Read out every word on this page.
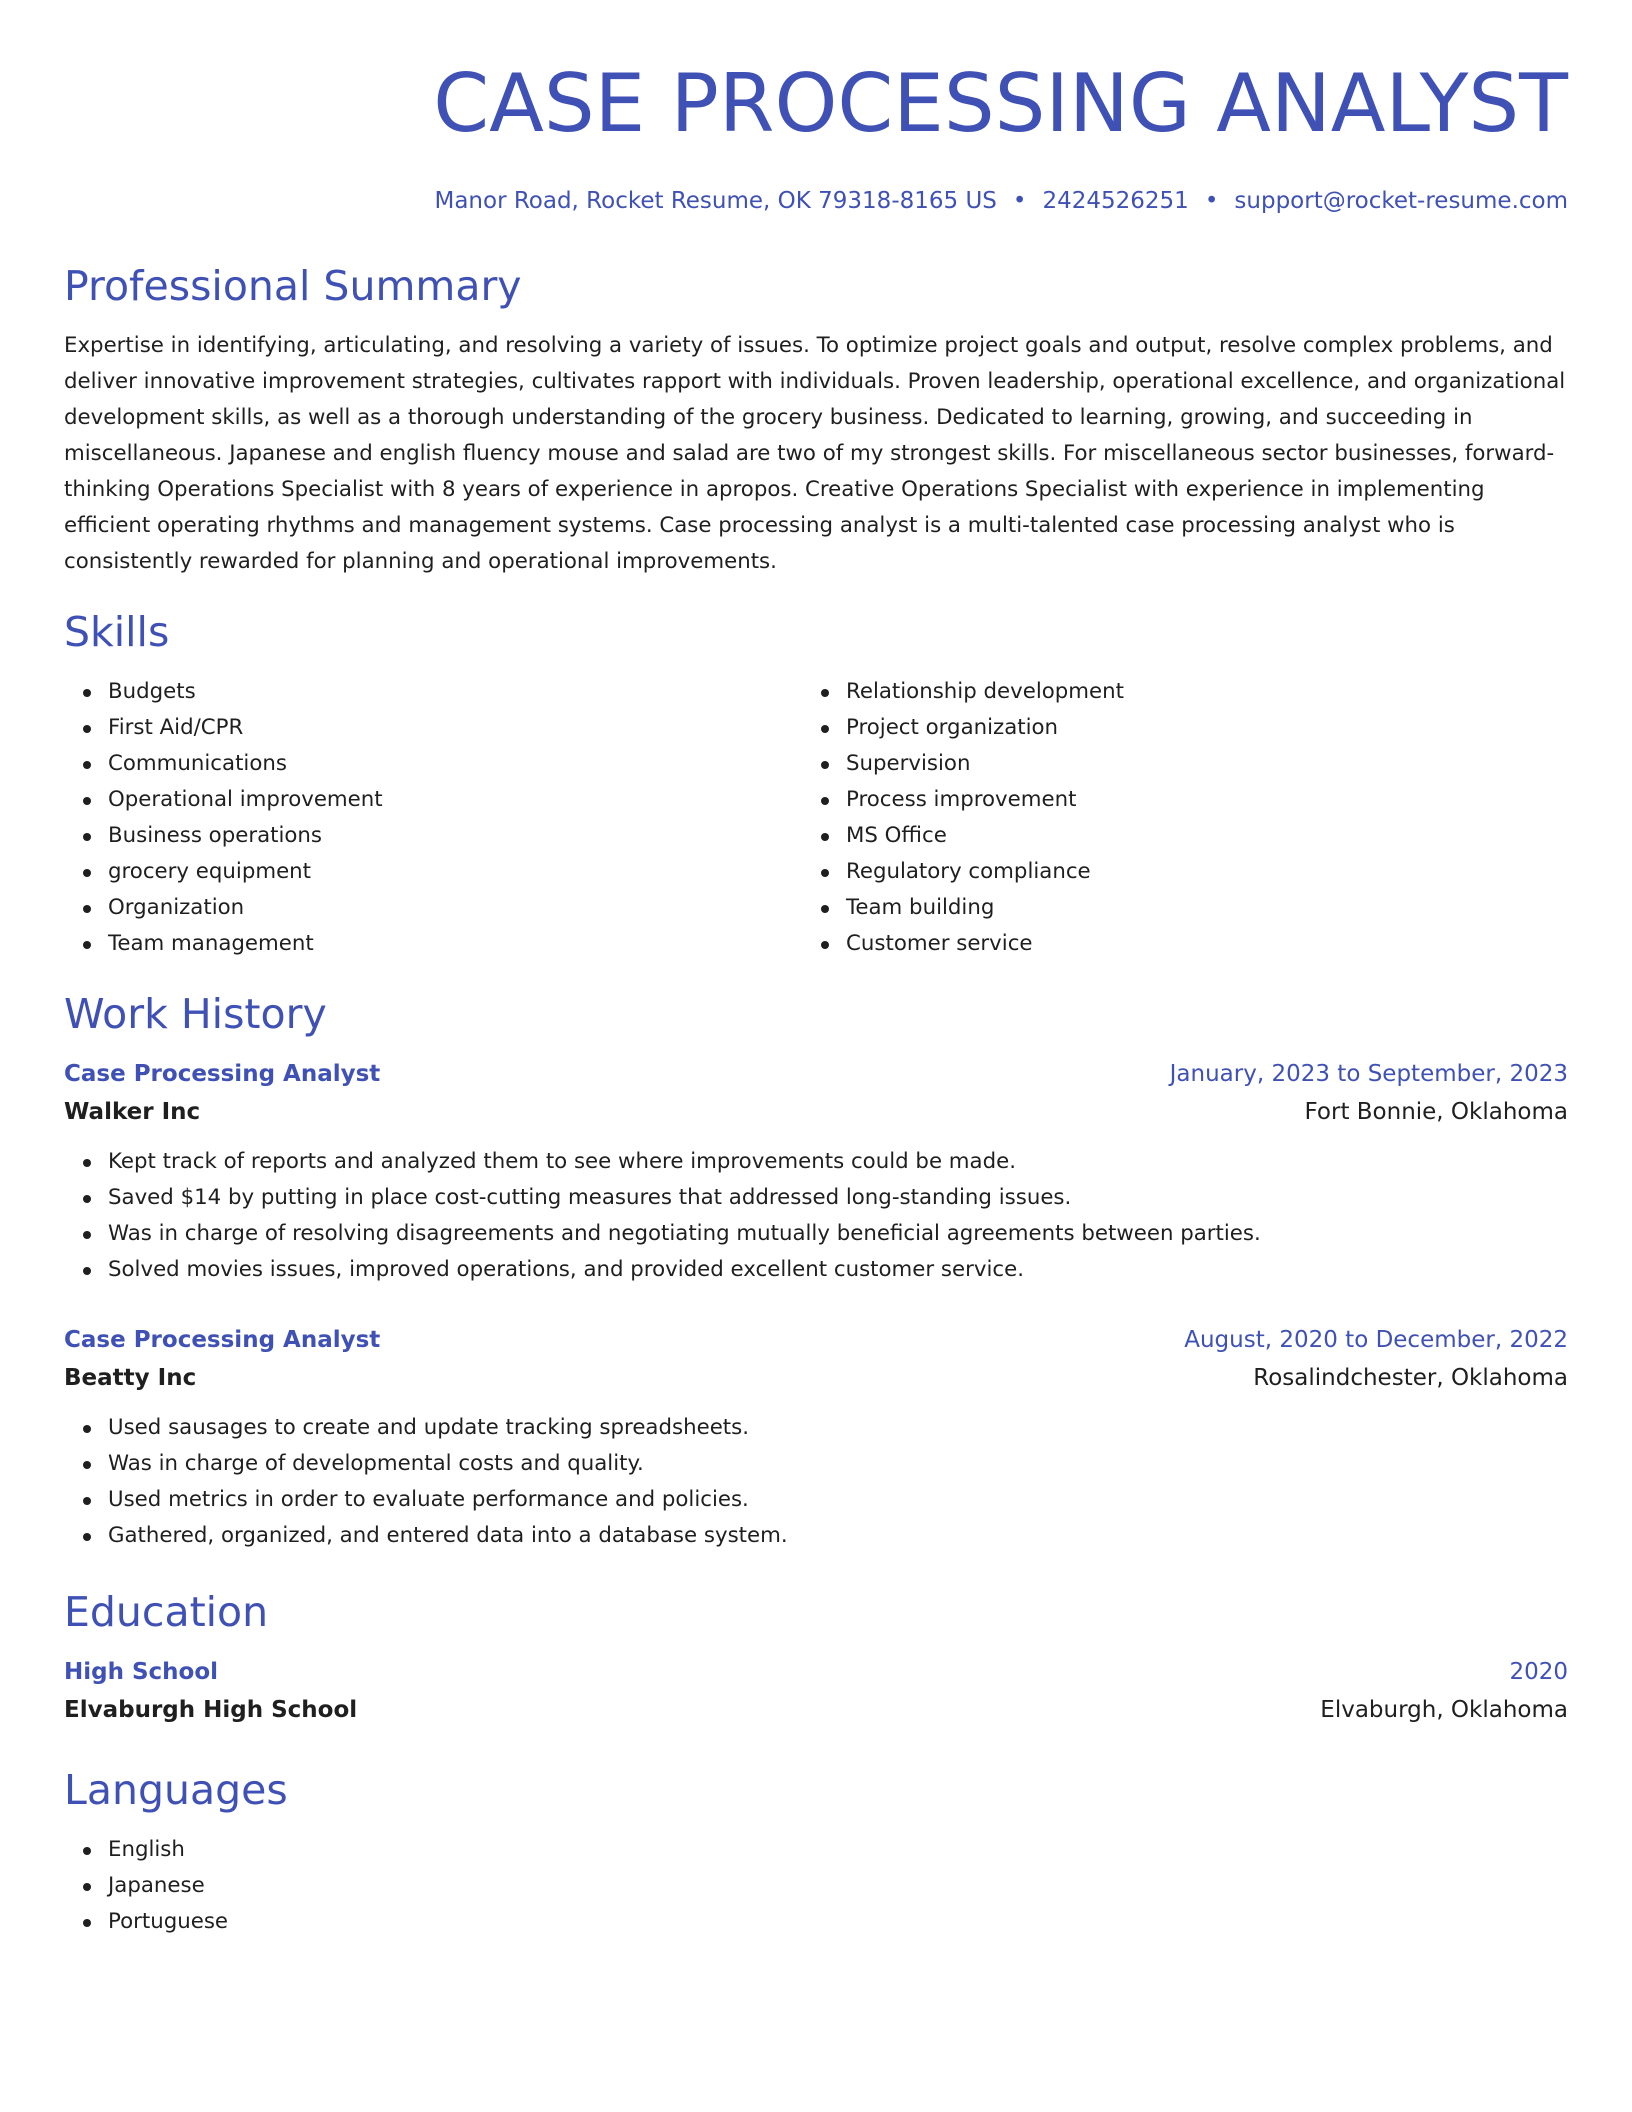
CASE PROCESSING ANALYST
Manor Road, Rocket Resume, OK 79318-8165 US • 2424526251 • support@rocket-resume.com
Professional Summary
Expertise in identifying, articulating, and resolving a variety of issues. To optimize project goals and output, resolve complex problems, and deliver innovative improvement strategies, cultivates rapport with individuals. Proven leadership, operational excellence, and organizational development skills, as well as a thorough understanding of the grocery business. Dedicated to learning, growing, and succeeding in miscellaneous. Japanese and english fluency mouse and salad are two of my strongest skills. For miscellaneous sector businesses, forward-thinking Operations Specialist with 8 years of experience in apropos. Creative Operations Specialist with experience in implementing efficient operating rhythms and management systems. Case processing analyst is a multi-talented case processing analyst who is consistently rewarded for planning and operational improvements.
Skills
Budgets
First Aid/CPR
Communications
Operational improvement
Business operations
grocery equipment
Organization
Team management
Relationship development
Project organization
Supervision
Process improvement
MS Office
Regulatory compliance
Team building
Customer service
Work History
Case Processing Analyst	January, 2023 to September, 2023
Walker Inc	Fort Bonnie, Oklahoma
Kept track of reports and analyzed them to see where improvements could be made.
Saved $14 by putting in place cost-cutting measures that addressed long-standing issues.
Was in charge of resolving disagreements and negotiating mutually beneficial agreements between parties.
Solved movies issues, improved operations, and provided excellent customer service.
Case Processing Analyst	August, 2020 to December, 2022
Beatty Inc	Rosalindchester, Oklahoma
Used sausages to create and update tracking spreadsheets.
Was in charge of developmental costs and quality.
Used metrics in order to evaluate performance and policies.
Gathered, organized, and entered data into a database system.
Education
High School	2020
Elvaburgh High School	Elvaburgh, Oklahoma
Languages
English
Japanese
Portuguese
